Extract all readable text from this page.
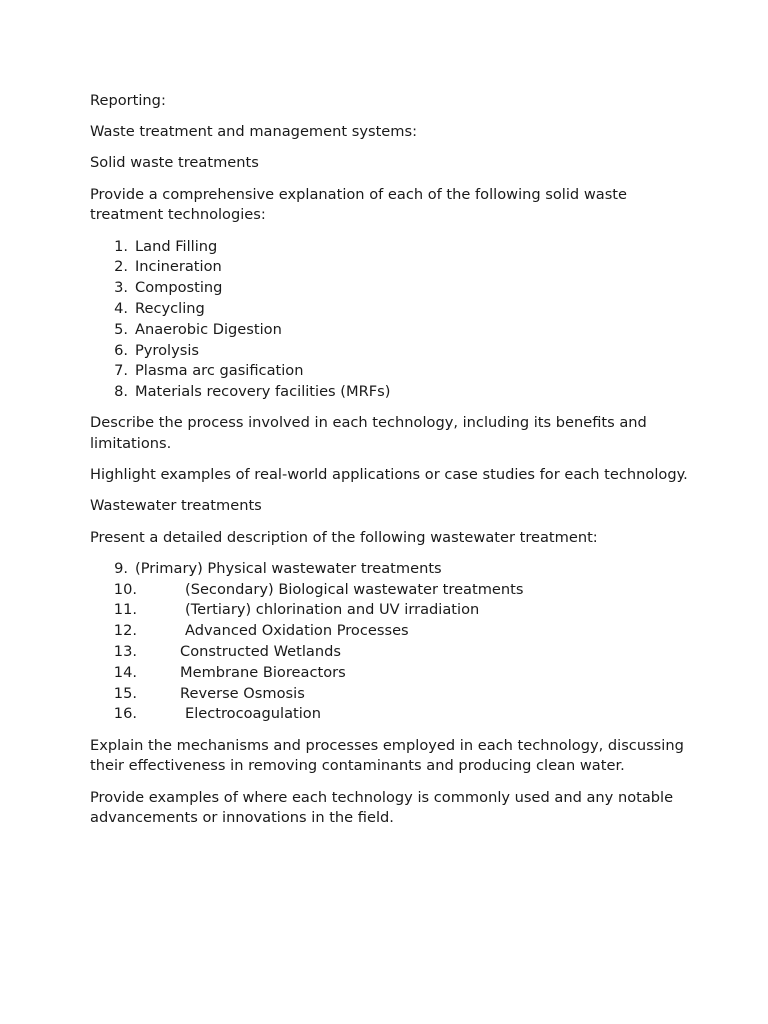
Reporting:

Waste treatment and management systems:

Solid waste treatments

Provide a comprehensive explanation of each of the following solid waste treatment technologies:

1. Land Filling
2. Incineration
3. Composting
4. Recycling
5. Anaerobic Digestion
6. Pyrolysis
7. Plasma arc gasification
8. Materials recovery facilities (MRFs)

Describe the process involved in each technology, including its benefits and limitations.

Highlight examples of real-world applications or case studies for each technology.

Wastewater treatments

Present a detailed description of the following wastewater treatment:

9. (Primary) Physical wastewater treatments
10.	(Secondary) Biological wastewater treatments
11.	(Tertiary) chlorination and UV irradiation
12.	Advanced Oxidation Processes
13.	Constructed Wetlands
14.	Membrane Bioreactors
15.	Reverse Osmosis
16.	Electrocoagulation

Explain the mechanisms and processes employed in each technology, discussing their effectiveness in removing contaminants and producing clean water.

Provide examples of where each technology is commonly used and any notable advancements or innovations in the field.
